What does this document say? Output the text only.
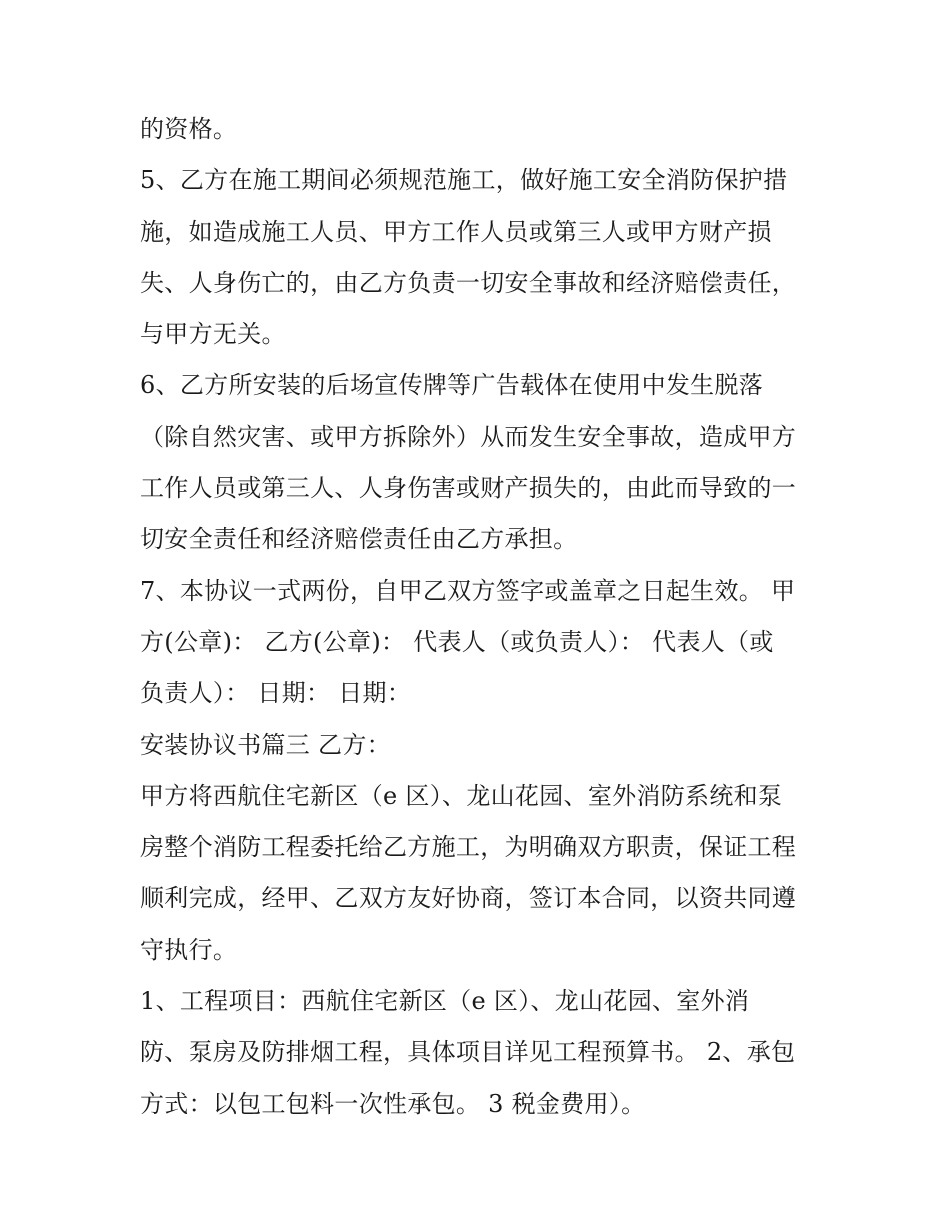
的资格。
5、乙方在施工期间必须规范施工，做好施工安全消防保护措
施，如造成施工人员、甲方工作人员或第三人或甲方财产损
失、人身伤亡的，由乙方负责一切安全事故和经济赔偿责任，
与甲方无关。
6、乙方所安装的后场宣传牌等广告载体在使用中发生脱落
（除自然灾害、或甲方拆除外）从而发生安全事故，造成甲方
工作人员或第三人、人身伤害或财产损失的，由此而导致的一
切安全责任和经济赔偿责任由乙方承担。
7、本协议一式两份，自甲乙双方签字或盖章之日起生效。 甲
方(公章)： 乙方(公章)： 代表人（或负责人）： 代表人（或
负责人）： 日期： 日期：
安装协议书篇三 乙方：
甲方将西航住宅新区（e 区）、龙山花园、室外消防系统和泵
房整个消防工程委托给乙方施工，为明确双方职责，保证工程
顺利完成，经甲、乙双方友好协商，签订本合同，以资共同遵
守执行。
1、工程项目：西航住宅新区（e 区）、龙山花园、室外消
防、泵房及防排烟工程，具体项目详见工程预算书。 2、承包
方式：以包工包料一次性承包。 3 税金费用）。
